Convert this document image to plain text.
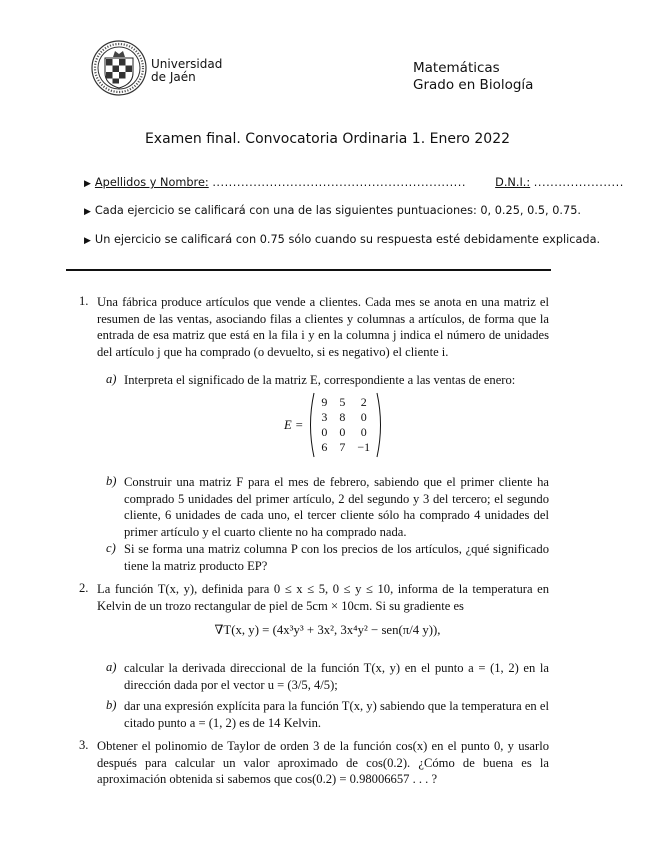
Universidad
de Jaén
Matemáticas
Grado en Biología
Examen final. Convocatoria Ordinaria 1. Enero 2022
▶ Apellidos y Nombre: ..............................................................	D.N.I.: ......................
▶ Cada ejercicio se calificará con una de las siguientes puntuaciones: 0, 0.25, 0.5, 0.75.
▶ Un ejercicio se calificará con 0.75 sólo cuando su respuesta esté debidamente explicada.
1. Una fábrica produce artículos que vende a clientes. Cada mes se anota en una matriz el resumen de las ventas, asociando filas a clientes y columnas a artículos, de forma que la entrada de esa matriz que está en la fila i y en la columna j indica el número de unidades del artículo j que ha comprado (o devuelto, si es negativo) el cliente i.
a) Interpreta el significado de la matriz E, correspondiente a las ventas de enero:
E =
9	5	2
3	8	0
0	0	0
6	7	−1
b) Construir una matriz F para el mes de febrero, sabiendo que el primer cliente ha comprado 5 unidades del primer artículo, 2 del segundo y 3 del tercero; el segundo cliente, 6 unidades de cada uno, el tercer cliente sólo ha comprado 4 unidades del primer artículo y el cuarto cliente no ha comprado nada.
c) Si se forma una matriz columna P con los precios de los artículos, ¿qué significado tiene la matriz producto EP?
2. La función T(x, y), definida para 0 ≤ x ≤ 5, 0 ≤ y ≤ 10, informa de la temperatura en Kelvin de un trozo rectangular de piel de 5cm × 10cm. Si su gradiente es
∇T(x, y) = (4x³y³ + 3x², 3x⁴y² − sen(π/4 y)),
a) calcular la derivada direccional de la función T(x, y) en el punto a = (1, 2) en la dirección dada por el vector u = (3/5, 4/5);
b) dar una expresión explícita para la función T(x, y) sabiendo que la temperatura en el citado punto a = (1, 2) es de 14 Kelvin.
3. Obtener el polinomio de Taylor de orden 3 de la función cos(x) en el punto 0, y usarlo después para calcular un valor aproximado de cos(0.2). ¿Cómo de buena es la aproximación obtenida si sabemos que cos(0.2) = 0.98006657 . . . ?
